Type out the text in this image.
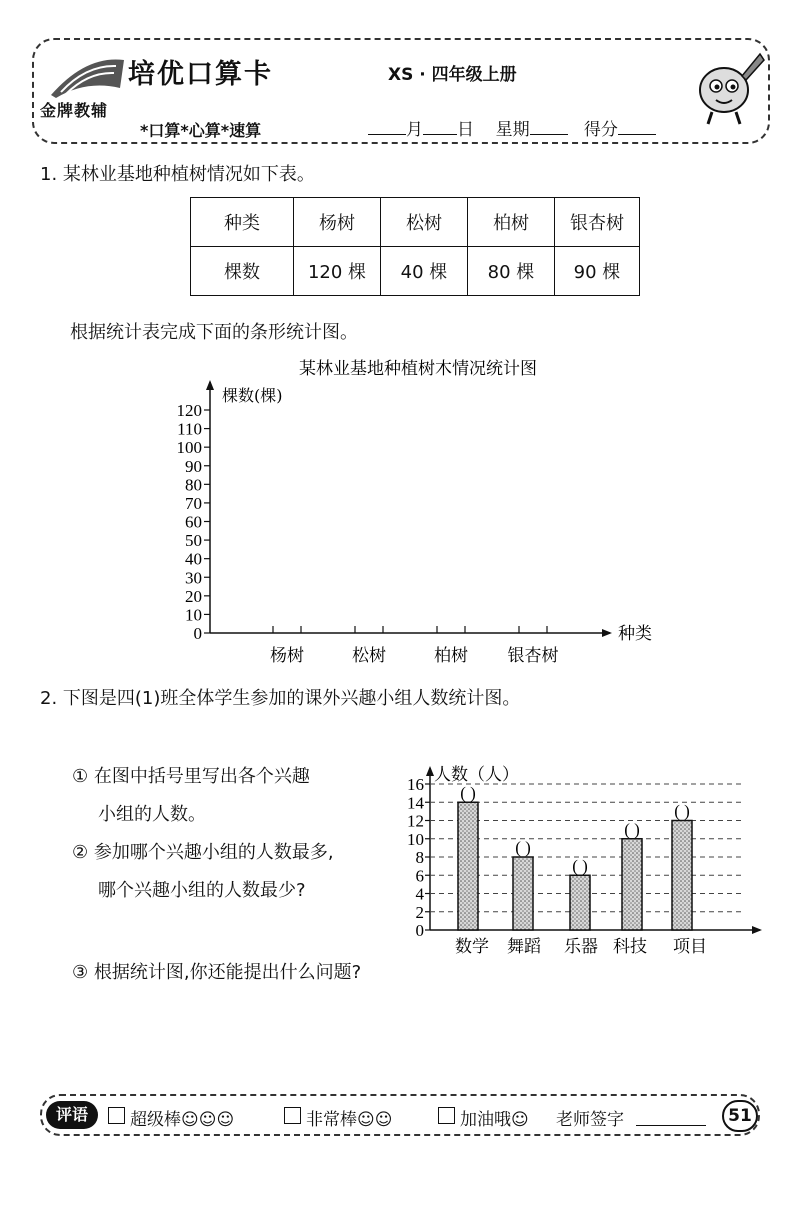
金牌教辅
培优口算卡	XS · 四年级上册
*口算*心算*速算	月 日 星期	得分
1. 某林业基地种植树情况如下表。
种类	杨树	松树	柏树	银杏树
棵数	120 棵	40 棵	80 棵	90 棵
根据统计表完成下面的条形统计图。
某林业基地种植树木情况统计图
棵数(棵)
种类
0
10
20
30
40
50
60
70
80
90
100
110
120
杨树	松树	柏树 银杏树
2. 下图是四(1)班全体学生参加的课外兴趣小组人数统计图。
① 在图中括号里写出各个兴趣
小组的人数。
② 参加哪个兴趣小组的人数最多,
哪个兴趣小组的人数最少?
③ 根据统计图,你还能提出什么问题?
人数（人）
0
2
4
6
8
10
12
14
16 ( )
( )
( )
( )
( )
数学 舞蹈 乐器 科技 项目
评语	超级棒☺☺☺	非常棒☺☺	加油哦☺ 老师签字	51
